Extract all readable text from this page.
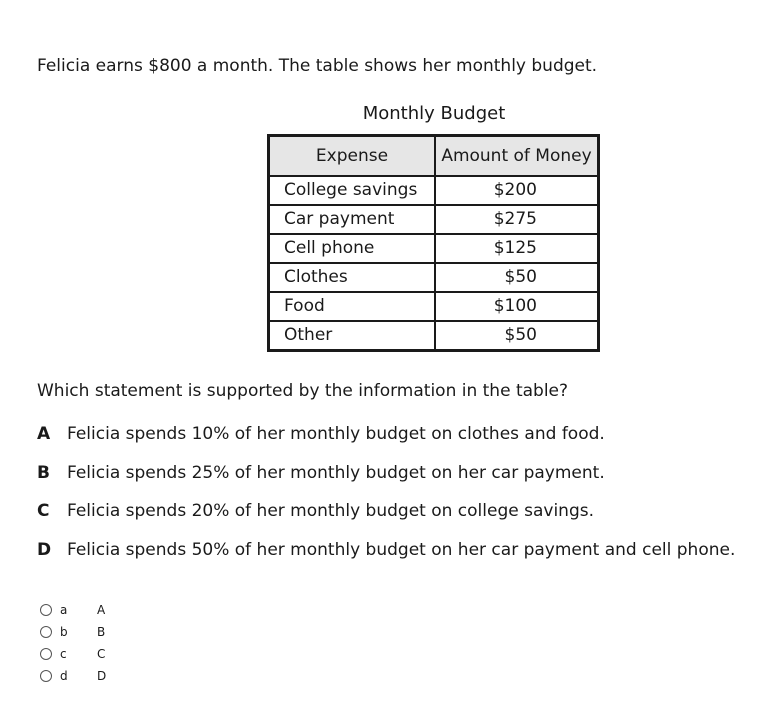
Felicia earns $800 a month. The table shows her monthly budget.
Monthly Budget
Expense	Amount of Money
College savings	$200
Car payment	$275
Cell phone	$125
Clothes	$50
Food	$100
Other	$50
Which statement is supported by the information in the table?
A Felicia spends 10% of her monthly budget on clothes and food.
B	Felicia spends 25% of her monthly budget on her car payment.
C	Felicia spends 20% of her monthly budget on college savings.
D Felicia spends 50% of her monthly budget on her car payment and cell phone.
a	A
b	B
c	C
d	D
